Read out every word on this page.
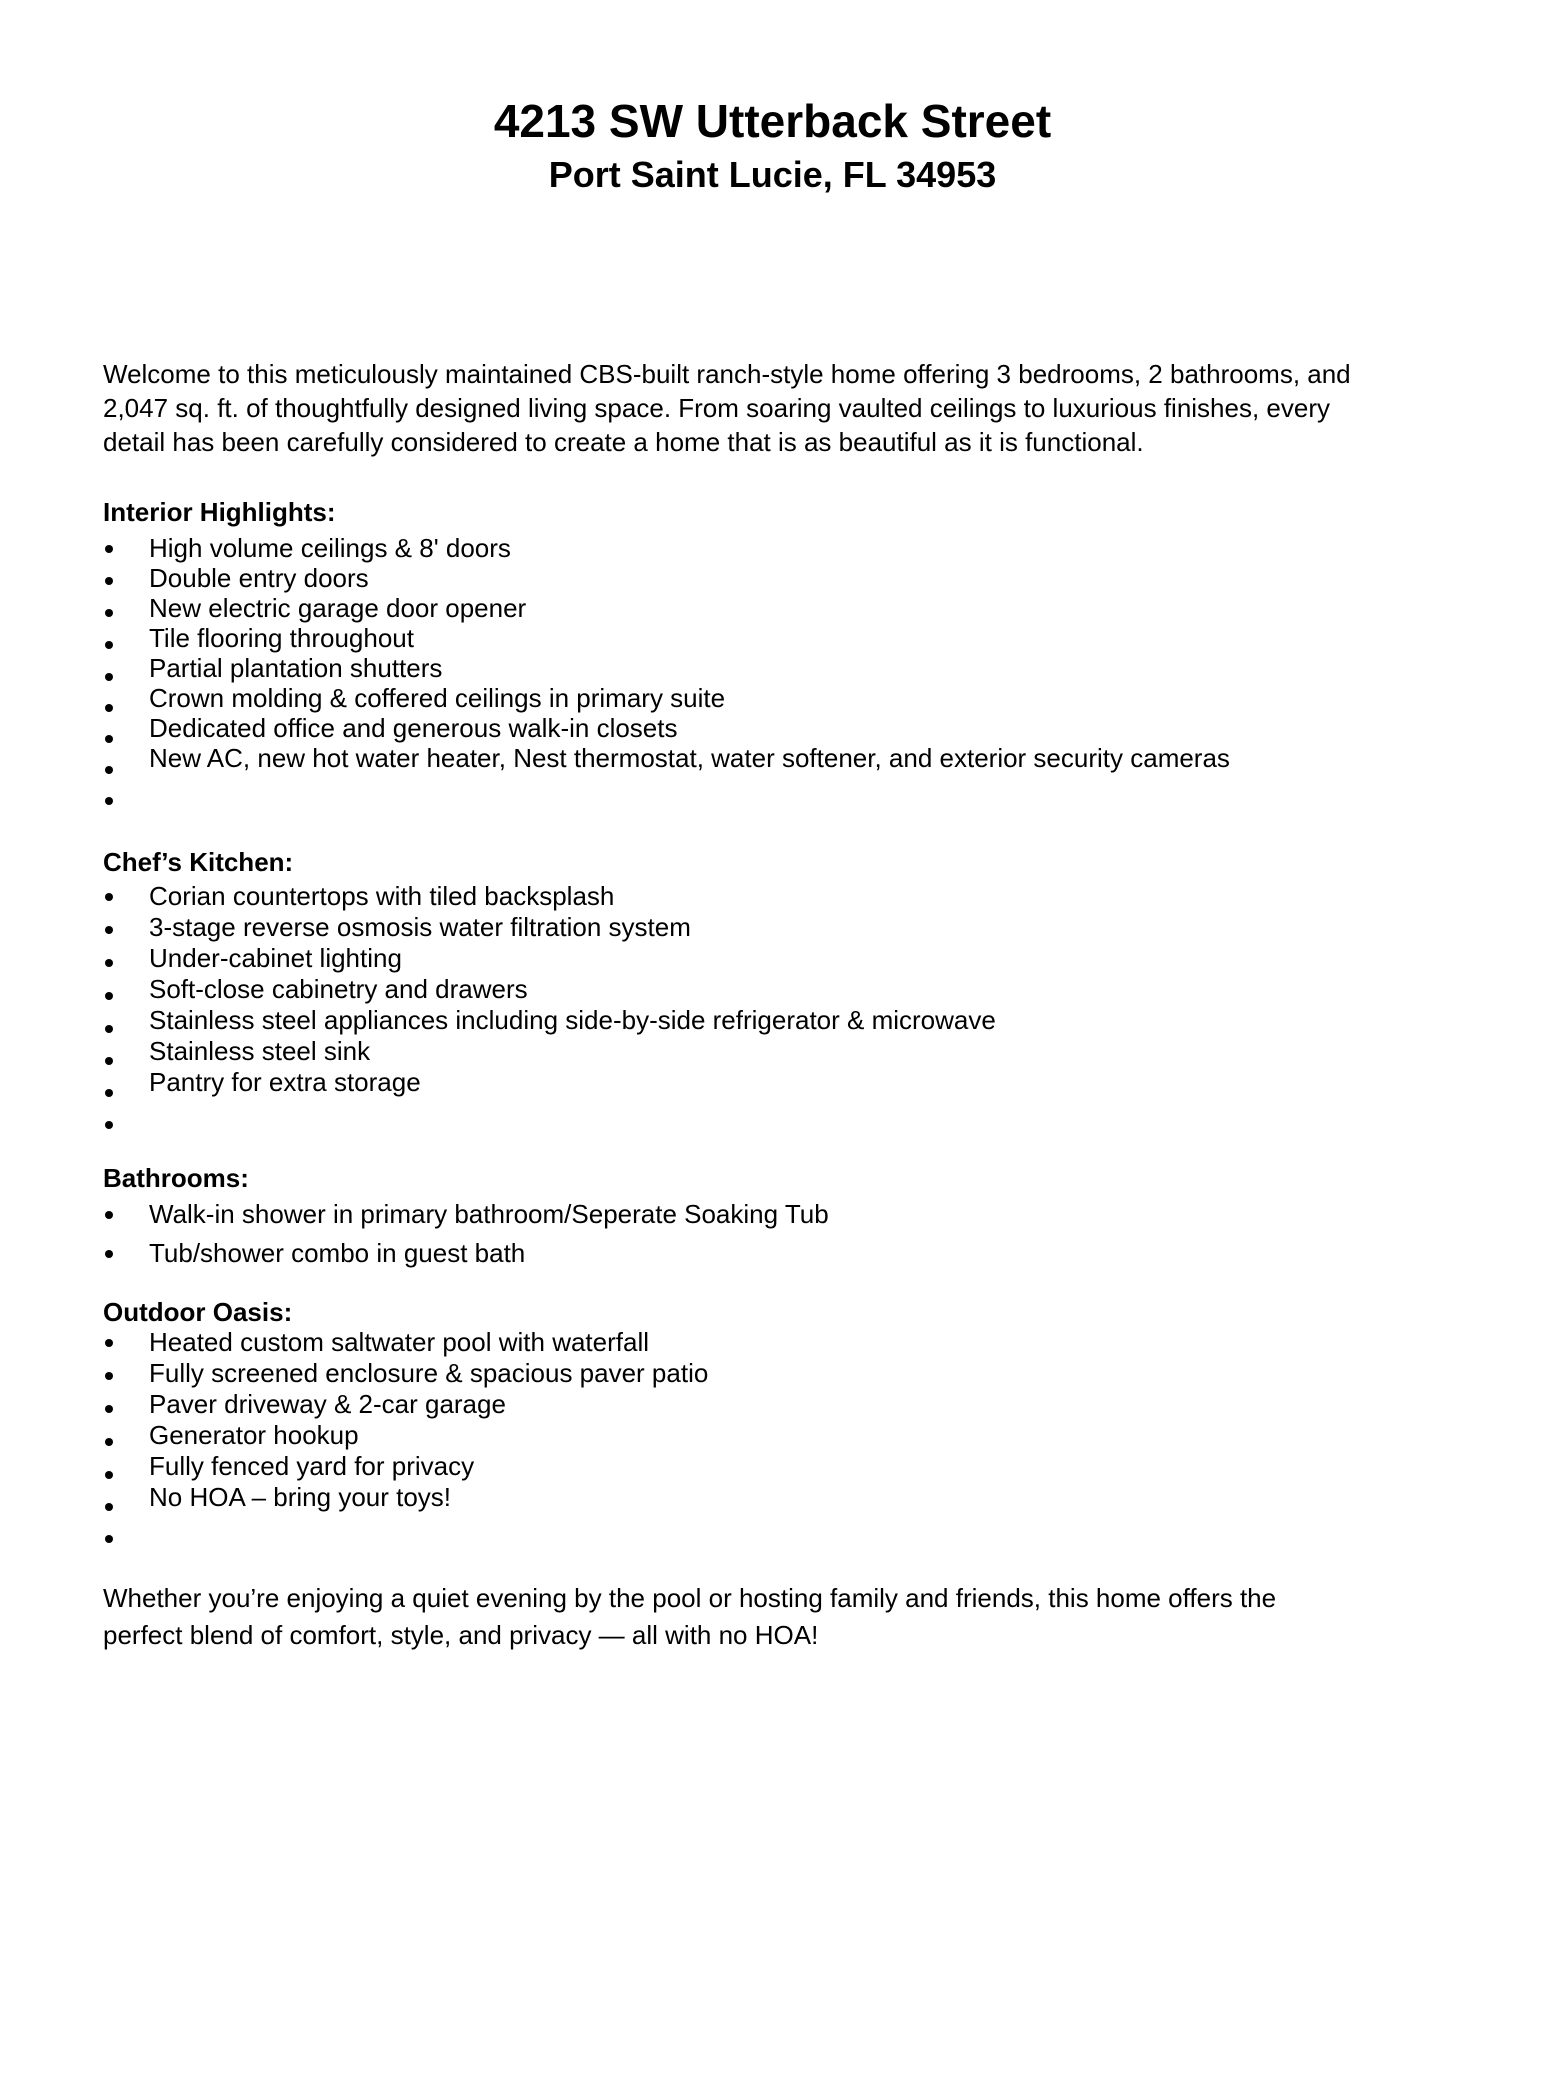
4213 SW Utterback Street
Port Saint Lucie, FL 34953
Welcome to this meticulously maintained CBS-built ranch-style home offering 3 bedrooms, 2 bathrooms, and
2,047 sq. ft. of thoughtfully designed living space. From soaring vaulted ceilings to luxurious finishes, every
detail has been carefully considered to create a home that is as beautiful as it is functional.
Interior Highlights:
High volume ceilings & 8' doors
Double entry doors
New electric garage door opener
Tile flooring throughout
Partial plantation shutters
Crown molding & coffered ceilings in primary suite
Dedicated office and generous walk-in closets
New AC, new hot water heater, Nest thermostat, water softener, and exterior security cameras
Chef’s Kitchen:
Corian countertops with tiled backsplash
3-stage reverse osmosis water filtration system
Under-cabinet lighting
Soft-close cabinetry and drawers
Stainless steel appliances including side-by-side refrigerator & microwave
Stainless steel sink
Pantry for extra storage
Bathrooms:
Walk-in shower in primary bathroom/Seperate Soaking Tub
Tub/shower combo in guest bath
Outdoor Oasis:
Heated custom saltwater pool with waterfall
Fully screened enclosure & spacious paver patio
Paver driveway & 2-car garage
Generator hookup
Fully fenced yard for privacy
No HOA – bring your toys!
Whether you’re enjoying a quiet evening by the pool or hosting family and friends, this home offers the
perfect blend of comfort, style, and privacy — all with no HOA!
